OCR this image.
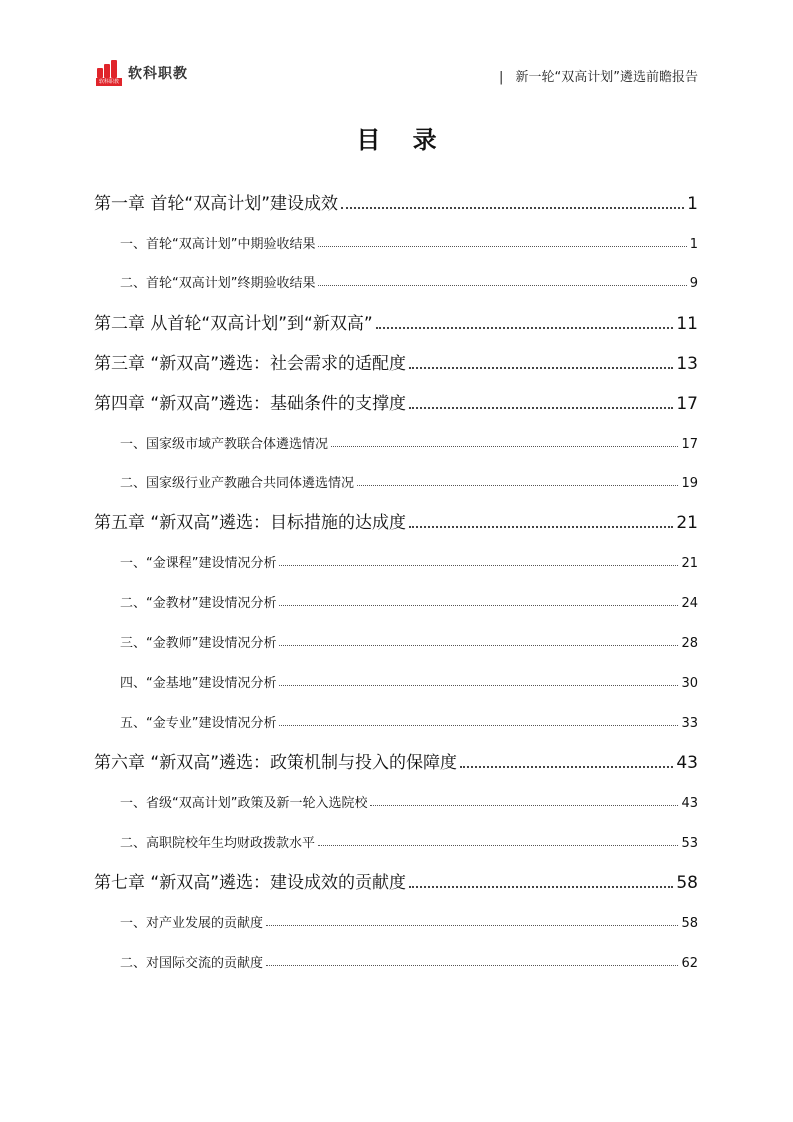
软科职教 软科职教	| 新一轮“双高计划”遴选前瞻报告
目 录
第一章 首轮“双高计划”建设成效	1
一、首轮“双高计划”中期验收结果	1
二、首轮“双高计划”终期验收结果	9
第二章 从首轮“双高计划”到“新双高”	11
第三章 “新双高”遴选：社会需求的适配度	13
第四章 “新双高”遴选：基础条件的支撑度	17
一、国家级市域产教联合体遴选情况	17
二、国家级行业产教融合共同体遴选情况	19
第五章 “新双高”遴选：目标措施的达成度	21
一、“金课程”建设情况分析	21
二、“金教材”建设情况分析	24
三、“金教师”建设情况分析	28
四、“金基地”建设情况分析	30
五、“金专业”建设情况分析	33
第六章 “新双高”遴选：政策机制与投入的保障度	43
一、省级“双高计划”政策及新一轮入选院校	43
二、高职院校年生均财政拨款水平	53
第七章 “新双高”遴选：建设成效的贡献度	58
一、对产业发展的贡献度	58
二、对国际交流的贡献度	62
